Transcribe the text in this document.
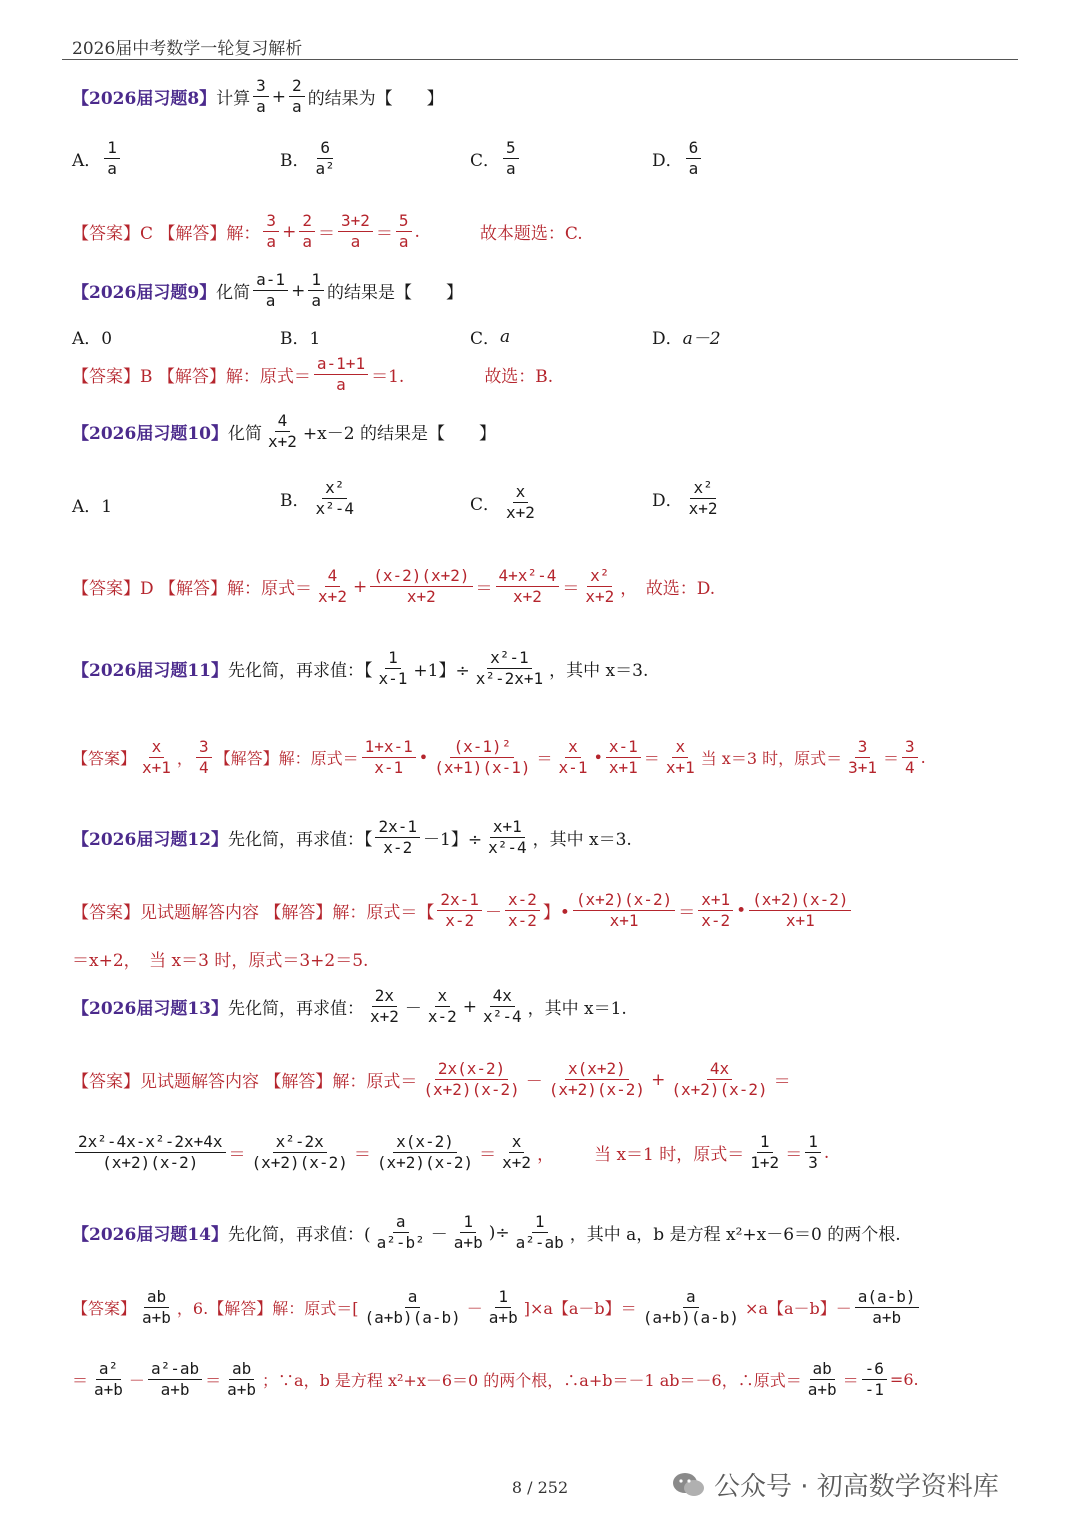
2026届中考数学一轮复习解析
【2026届习题8】 计算
3
$a + \frac{2}{a}$ 的结果为【　　】
A．
1
a	B．
6
a²	C．
5
a	D．
6
a
【答案】C 【解答】解：
3
$a + \frac{2}{a}$ ＝
3+2
a ＝
5
a .	故本题选：C.
【2026届习题9】 化简
a-1
$a + \frac{1}{a}$ 的结果是【　　】
A．0	B．1	C． a	D． a－2
【答案】B 【解答】解：原式＝
a-1+1
a ＝1.	故选：B.
【2026届习题10】 化简
4
x+2 +x－2 的结果是【　　】
A．1	B．
x²
x²-4	C．
x
x+2
D．
x²
x+2
【答案】D 【解答】解：原式＝
4
$x+2 + \frac{(x-2)(x+2)}{x+2}$ ＝
4+x²-4
x+2 ＝
x²
x+2 ，　故选：D.
【2026届习题11】 先化简，再求值：【
1
x-1 +1】÷ $\frac{\text{x²-1}}{\text{x²-2x+1}}$ ，其中 x＝3.
【答案】
x
x+1 ，
3
4 【解答】解：原式＝
1+x-1
x-1
•
(x-1)²
(x+1)(x-1) ＝
x
x-1
•
x-1
x+1 ＝
x
x+1 当 x＝3 时，原式＝
3
3+1 ＝
3
4
.
【2026届习题12】 先化简，再求值：【
2x-1
x-2 －1】÷ $\frac{x+1}{\text{x²-4}}$ ，其中 x＝3.
【答案】见试题解答内容 【解答】解：原式＝【
2x-1
x-2 －
x-2
x-2 】•
(x+2)(x-2)
x+1 ＝
x+1
x-2 •
(x+2)(x-2)
x+1
＝x+2，　当 x＝3 时，原式＝3+2＝5.
【2026届习题13】 先化简，再求值：
2x
x+2 －
x
$x-2 + \frac{4x}{\text{x²-4}}$ ，其中 x＝1.
【答案】见试题解答内容 【解答】解：原式＝
2x(x-2)
(x+2)(x-2) －
x(x+2)
$(x+2)(x-2) + \frac{4x}{(x+2)(x-2)}$ ＝
2x²-4x-x²-2x+4x
(x+2)(x-2) ＝
x²-2x
(x+2)(x-2) ＝
x(x-2)
(x+2)(x-2) ＝
x
x+2 ， 当 x＝1 时，原式＝
1
1+2 ＝
1
3 .
【2026届习题14】 先化简，再求值：(
a
a²-b² －
1
a+b )÷ $\frac{1}{\text{a²-ab}}$ ，其中 a，b 是方程 x²+x－6＝0 的两个根.
【答案】
ab
a+b ，6. 【解答】解：原式＝[
a
(a+b)(a-b) －
1
a+b ]×a【a－b】＝ $\frac{a}{(a+b)(a-b)} \times a$【a－b】－
a(a-b)
a+b
＝
a²
a+b －
a²-ab
a+b ＝
ab
a+b ；∵a，b 是方程 x²+x－6＝0 的两个根，∴a+b＝－1 ab＝－6，∴原式＝
ab
$a+b = \frac{-6}{-1} =6$.
8 / 252	公众号 · 初高数学资料库
